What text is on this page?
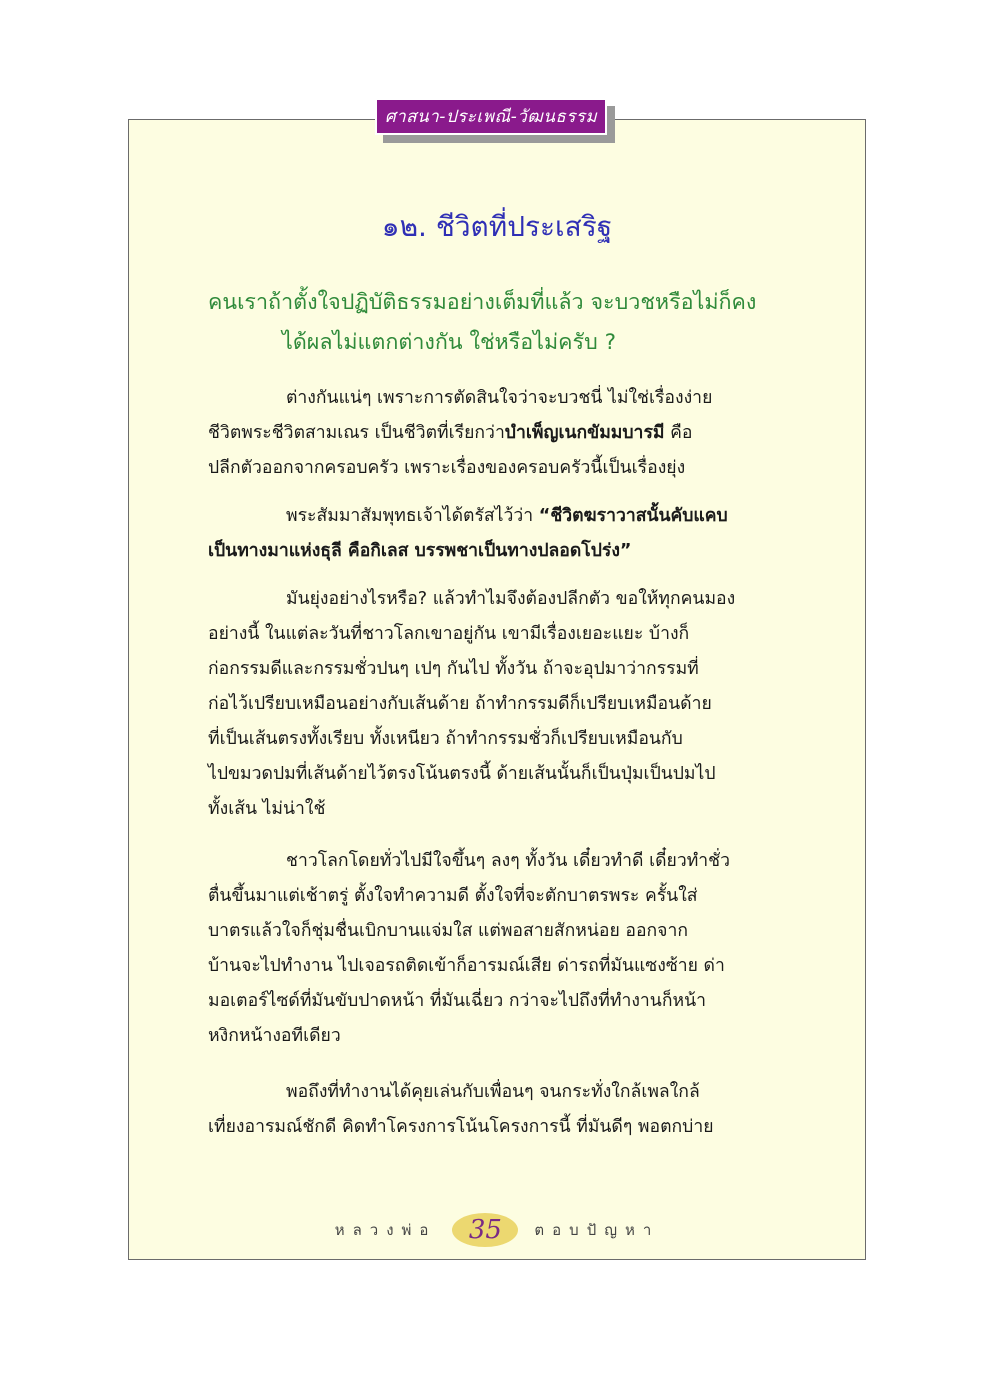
ศาสนา-ประเพณี-วัฒนธรรม
๑๒. ชีวิตที่ประเสริฐ
คนเราถ้าตั้งใจปฏิบัติธรรมอย่างเต็มที่แล้ว จะบวชหรือไม่ก็คง
ได้ผลไม่แตกต่างกัน ใช่หรือไม่ครับ ?
ต่างกันแน่ๆ เพราะการตัดสินใจว่าจะบวชนี่ ไม่ใช่เรื่องง่าย
ชีวิตพระชีวิตสามเณร เป็นชีวิตที่เรียกว่าบำเพ็ญเนกขัมมบารมี คือ
ปลีกตัวออกจากครอบครัว เพราะเรื่องของครอบครัวนี้เป็นเรื่องยุ่ง
พระสัมมาสัมพุทธเจ้าได้ตรัสไว้ว่า “ชีวิตฆราวาสนั้นคับแคบ
เป็นทางมาแห่งธุลี คือกิเลส บรรพชาเป็นทางปลอดโปร่ง”
มันยุ่งอย่างไรหรือ? แล้วทำไมจึงต้องปลีกตัว ขอให้ทุกคนมอง
อย่างนี้ ในแต่ละวันที่ชาวโลกเขาอยู่กัน เขามีเรื่องเยอะแยะ บ้างก็
ก่อกรรมดีและกรรมชั่วปนๆ เปๆ กันไป ทั้งวัน ถ้าจะอุปมาว่ากรรมที่
ก่อไว้เปรียบเหมือนอย่างกับเส้นด้าย ถ้าทำกรรมดีก็เปรียบเหมือนด้าย
ที่เป็นเส้นตรงทั้งเรียบ ทั้งเหนียว ถ้าทำกรรมชั่วก็เปรียบเหมือนกับ
ไปขมวดปมที่เส้นด้ายไว้ตรงโน้นตรงนี้ ด้ายเส้นนั้นก็เป็นปุ่มเป็นปมไป
ทั้งเส้น ไม่น่าใช้
ชาวโลกโดยทั่วไปมีใจขึ้นๆ ลงๆ ทั้งวัน เดี๋ยวทำดี เดี๋ยวทำชั่ว
ตื่นขึ้นมาแต่เช้าตรู่ ตั้งใจทำความดี ตั้งใจที่จะตักบาตรพระ ครั้นใส่
บาตรแล้วใจก็ชุ่มชื่นเบิกบานแจ่มใส แต่พอสายสักหน่อย ออกจาก
บ้านจะไปทำงาน ไปเจอรถติดเข้าก็อารมณ์เสีย ด่ารถที่มันแซงซ้าย ด่า
มอเตอร์ไซด์ที่มันขับปาดหน้า ที่มันเฉี่ยว กว่าจะไปถึงที่ทำงานก็หน้า
หงิกหน้างอทีเดียว
พอถึงที่ทำงานได้คุยเล่นกับเพื่อนๆ จนกระทั่งใกล้เพลใกล้
เที่ยงอารมณ์ชักดี คิดทำโครงการโน้นโครงการนี้ ที่มันดีๆ พอตกบ่าย
หลวงพ่อ 35 ตอบปัญหา
